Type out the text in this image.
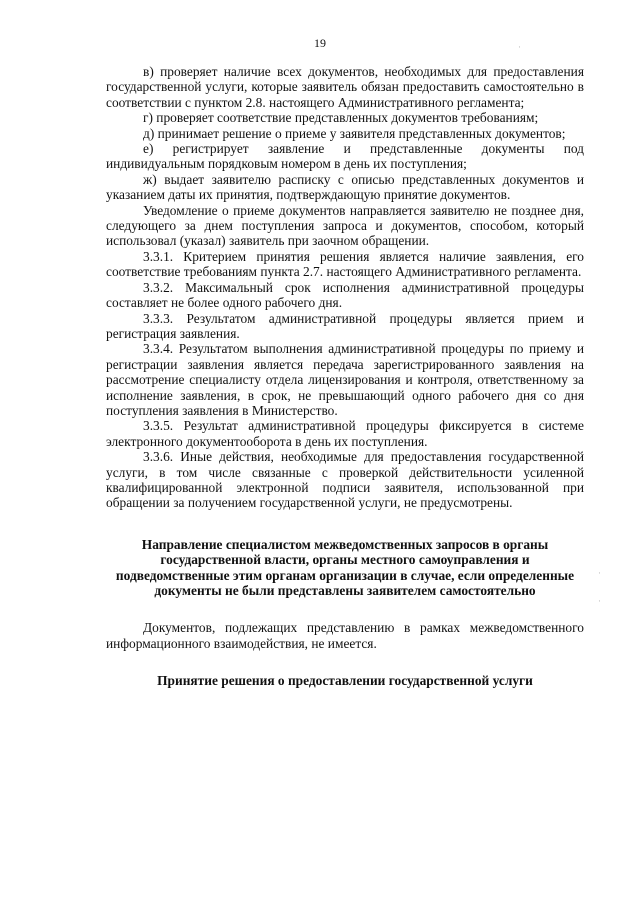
19

в) проверяет наличие всех документов, необходимых для предоставления государственной услуги, которые заявитель обязан предоставить самостоятельно в соответствии с пунктом 2.8. настоящего Административного регламента;

г) проверяет соответствие представленных документов требованиям;

д) принимает решение о приеме у заявителя представленных документов;

е) регистрирует заявление и представленные документы под индивидуальным порядковым номером в день их поступления;

ж) выдает заявителю расписку с описью представленных документов и указанием даты их принятия, подтверждающую принятие документов.

Уведомление о приеме документов направляется заявителю не позднее дня, следующего за днем поступления запроса и документов, способом, который использовал (указал) заявитель при заочном обращении.

3.3.1. Критерием принятия решения является наличие заявления, его соответствие требованиям пункта 2.7. настоящего Административного регламента.

3.3.2. Максимальный срок исполнения административной процедуры составляет не более одного рабочего дня.

3.3.3. Результатом административной процедуры является прием и регистрация заявления.

3.3.4. Результатом выполнения административной процедуры по приему и регистрации заявления является передача зарегистрированного заявления на рассмотрение специалисту отдела лицензирования и контроля, ответственному за исполнение заявления, в срок, не превышающий одного рабочего дня со дня поступления заявления в Министерство.

3.3.5. Результат административной процедуры фиксируется в системе электронного документооборота в день их поступления.

3.3.6. Иные действия, необходимые для предоставления государственной услуги, в том числе связанные с проверкой действительности усиленной квалифицированной электронной подписи заявителя, использованной при обращении за получением государственной услуги, не предусмотрены.

Направление специалистом межведомственных запросов в органы государственной власти, органы местного самоуправления и подведомственные этим органам организации в случае, если определенные документы не были представлены заявителем самостоятельно

Документов, подлежащих представлению в рамках межведомственного информационного взаимодействия, не имеется.

Принятие решения о предоставлении государственной услуги

·
·
·
